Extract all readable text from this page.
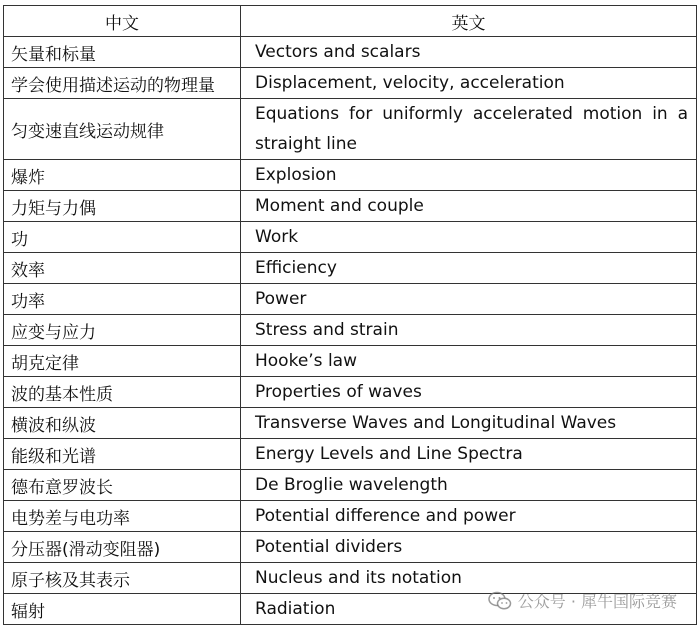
中文	英文
矢量和标量	Vectors and scalars
学会使用描述运动的物理量	Displacement, velocity, acceleration
匀变速直线运动规律	Equations for uniformly accelerated motion in a straight line
爆炸	Explosion
力矩与力偶	Moment and couple
功	Work
效率	Efficiency
功率	Power
应变与应力	Stress and strain
胡克定律	Hooke’s law
波的基本性质	Properties of waves
横波和纵波	Transverse Waves and Longitudinal Waves
能级和光谱	Energy Levels and Line Spectra
德布意罗波长	De Broglie wavelength
电势差与电功率	Potential difference and power
分压器(滑动变阻器)	Potential dividers
原子核及其表示	Nucleus and its notation
辐射	Radiation	公众号 · 犀牛国际竞赛
